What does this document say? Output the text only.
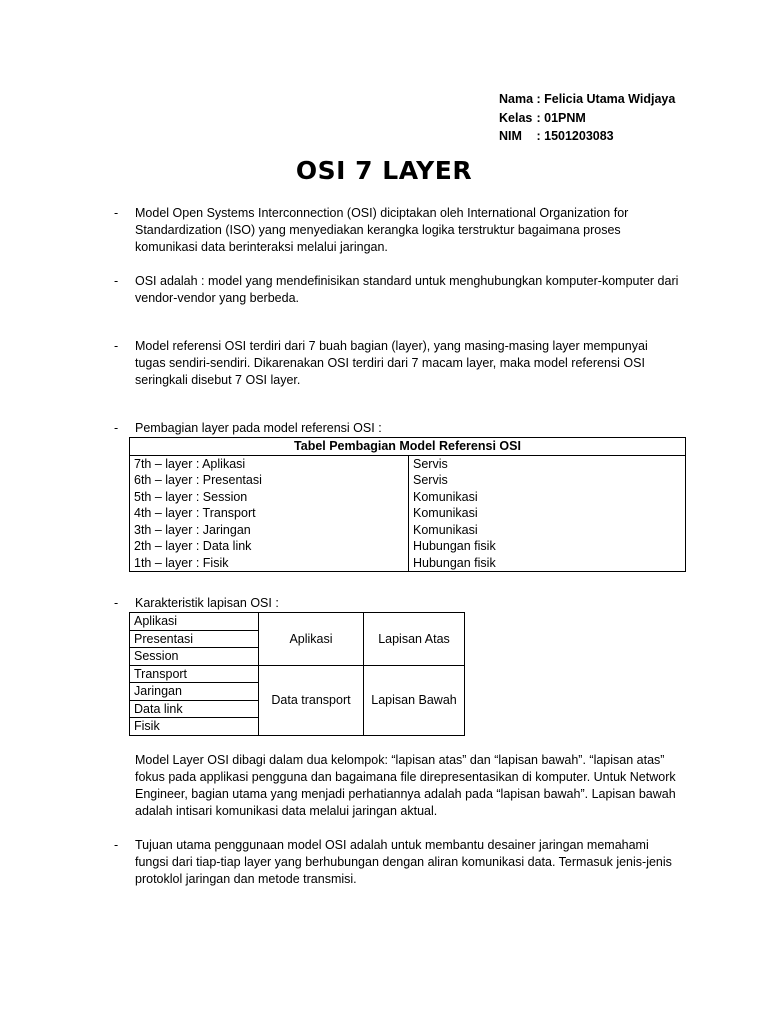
Nama : Felicia Utama Widjaya
Kelas : 01PNM
NIM : 1501203083
OSI 7 LAYER
- Model Open Systems Interconnection (OSI) diciptakan oleh International Organization for Standardization (ISO) yang menyediakan kerangka logika terstruktur bagaimana proses komunikasi data berinteraksi melalui jaringan.
- OSI adalah : model yang mendefinisikan standard untuk menghubungkan komputer-komputer dari vendor-vendor yang berbeda.
- Model referensi OSI terdiri dari 7 buah bagian (layer), yang masing-masing layer mempunyai tugas sendiri-sendiri. Dikarenakan OSI terdiri dari 7 macam layer, maka model referensi OSI seringkali disebut 7 OSI layer.
- Pembagian layer pada model referensi OSI :
Tabel Pembagian Model Referensi OSI	
7th – layer : Aplikasi	Servis
6th – layer : Presentasi	Servis
5th – layer : Session	Komunikasi
4th – layer : Transport	Komunikasi
3th – layer : Jaringan	Komunikasi
2th – layer : Data link	Hubungan fisik
1th – layer : Fisik	Hubungan fisik
- Karakteristik lapisan OSI :
Aplikasi	Aplikasi	Lapisan Atas
Presentasi		
Session		
Transport	Data transport	Lapisan Bawah
Jaringan		
Data link		
Fisik		
Model Layer OSI dibagi dalam dua kelompok: “lapisan atas” dan “lapisan bawah”. “lapisan atas” fokus pada applikasi pengguna dan bagaimana file direpresentasikan di komputer. Untuk Network Engineer, bagian utama yang menjadi perhatiannya adalah pada “lapisan bawah”. Lapisan bawah adalah intisari komunikasi data melalui jaringan aktual.
- Tujuan utama penggunaan model OSI adalah untuk membantu desainer jaringan memahami fungsi dari tiap-tiap layer yang berhubungan dengan aliran komunikasi data. Termasuk jenis-jenis protoklol jaringan dan metode transmisi.
